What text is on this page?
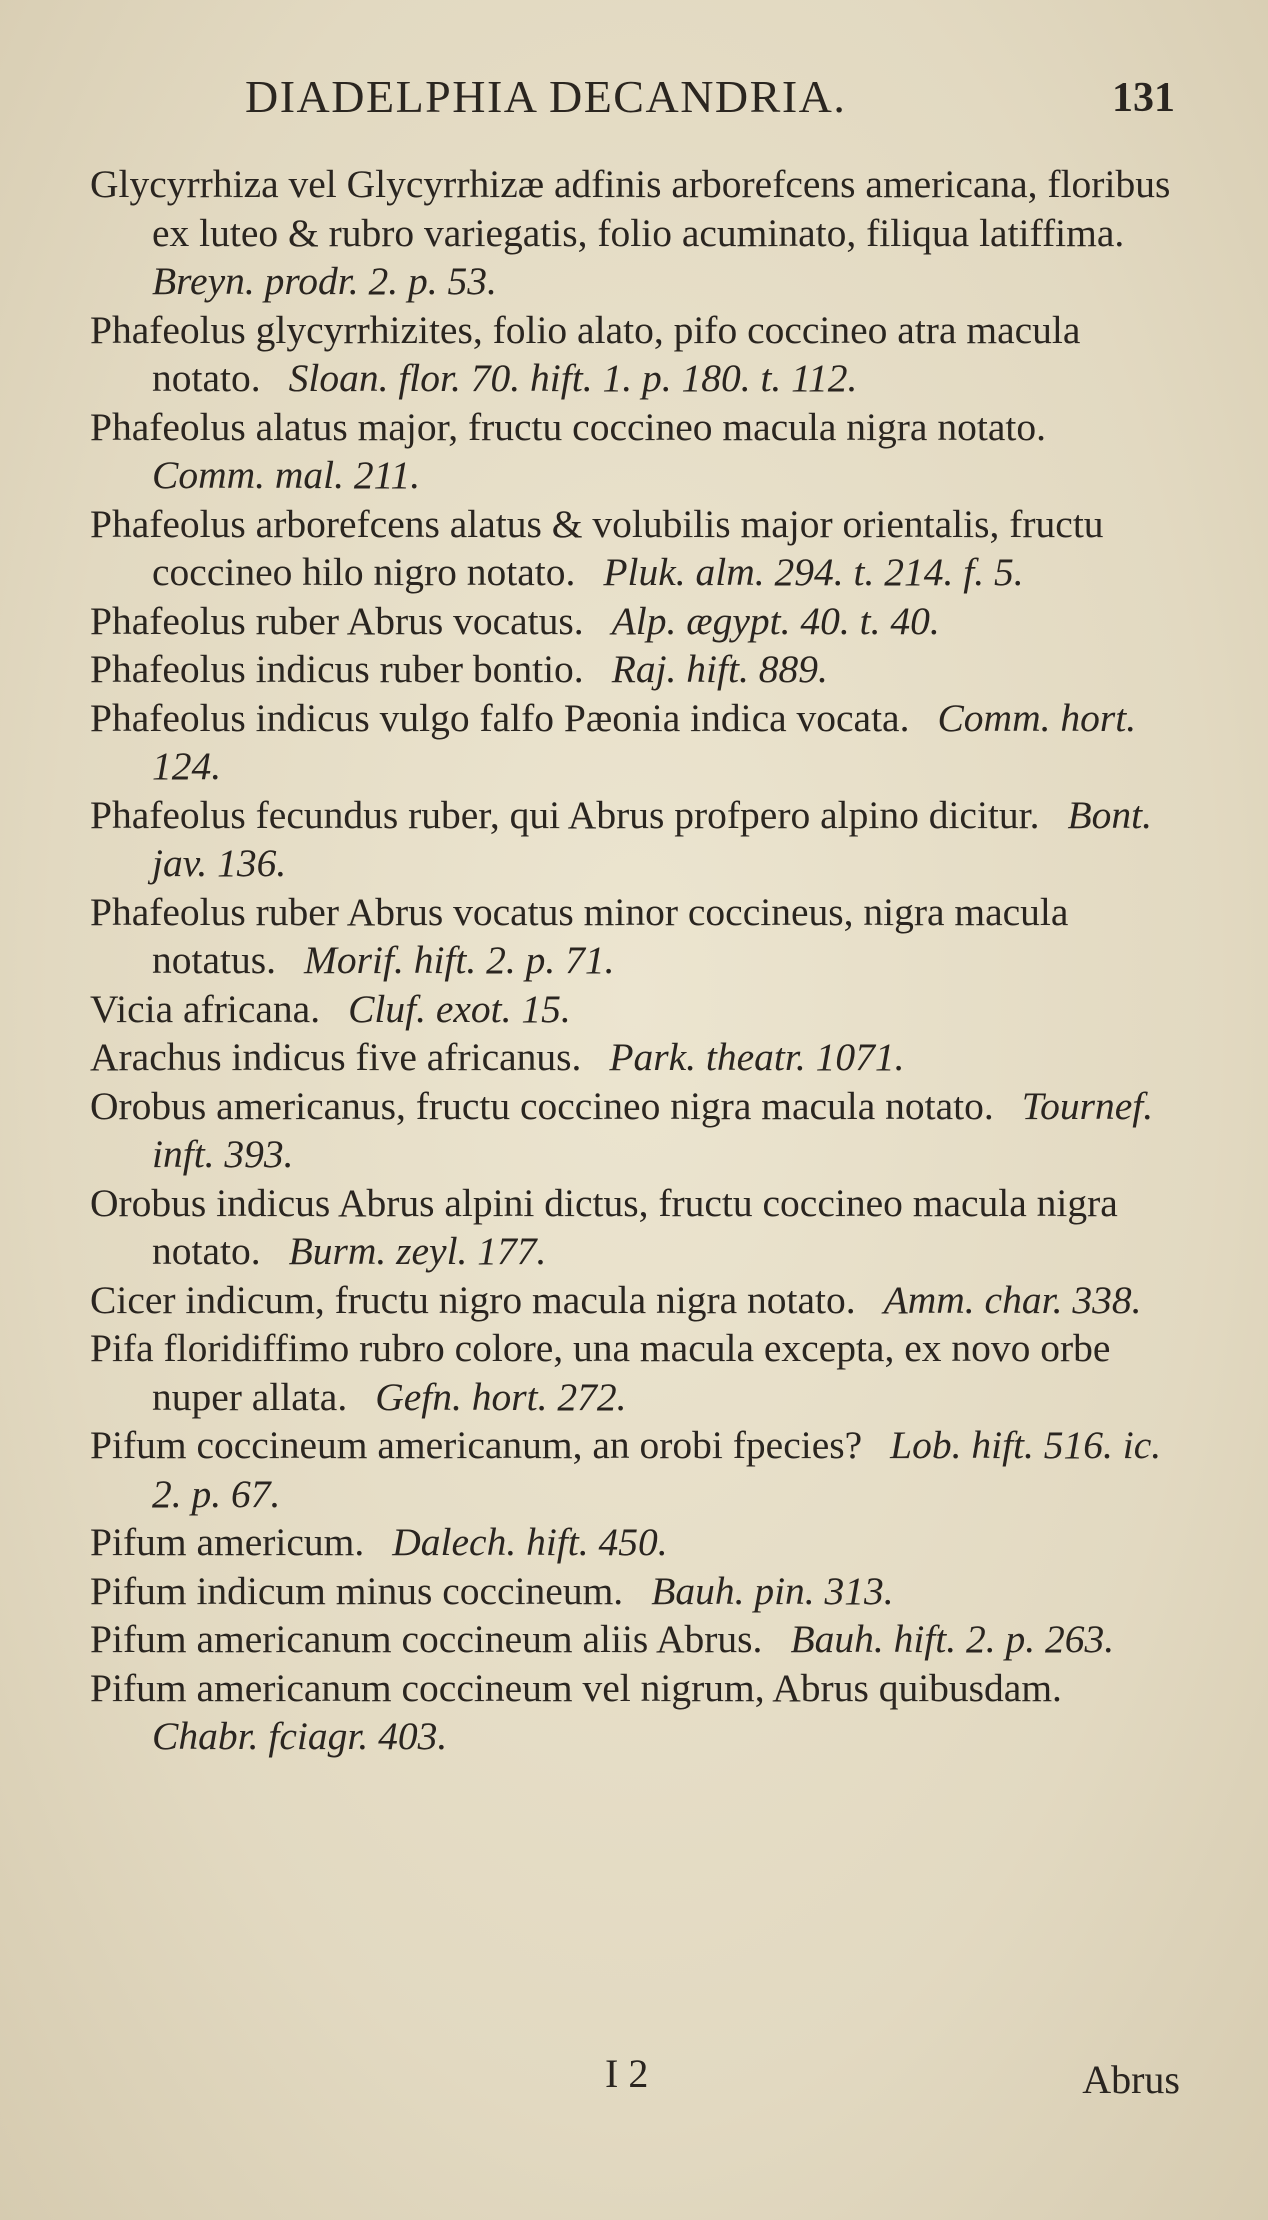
DIADELPHIA DECANDRIA.	131
Glycyrrhiza vel Glycyrrhizæ adfinis arborefcens americana, floribus ex luteo & rubro variegatis, folio acuminato, filiqua latiffima.Breyn. prodr. 2. p. 53.
Phafeolus glycyrrhizites, folio alato, pifo coccineo atra macula notato. Sloan. flor. 70. hift. 1. p. 180. t. 112.
Phafeolus alatus major, fructu coccineo macula nigra notato.Comm. mal. 211.
Phafeolus arborefcens alatus & volubilis major orientalis, fructu coccineo hilo nigro notato. Pluk. alm. 294. t. 214. f. 5.
Phafeolus ruber Abrus vocatus. Alp. ægypt. 40. t. 40.
Phafeolus indicus ruber bontio. Raj. hift. 889.
Phafeolus indicus vulgo falfo Pæonia indica vocata. Comm. hort. 124.
Phafeolus fecundus ruber, qui Abrus profpero alpino dicitur. Bont. jav. 136.
Phafeolus ruber Abrus vocatus minor coccineus, nigra macula notatus. Morif. hift. 2. p. 71.
Vicia africana. Cluf. exot. 15.
Arachus indicus five africanus. Park. theatr. 1071.
Orobus americanus, fructu coccineo nigra macula notato. Tournef. inft. 393.
Orobus indicus Abrus alpini dictus, fructu coccineo macula nigra notato. Burm. zeyl. 177.
Cicer indicum, fructu nigro macula nigra notato. Amm. char. 338.
Pifa floridiffimo rubro colore, una macula excepta, ex novo orbe nuper allata. Gefn. hort. 272.
Pifum coccineum americanum, an orobi fpecies? Lob. hift. 516. ic. 2. p. 67.
Pifum americum. Dalech. hift. 450.
Pifum indicum minus coccineum. Bauh. pin. 313.
Pifum americanum coccineum aliis Abrus. Bauh. hift. 2. p. 263.
Pifum americanum coccineum vel nigrum, Abrus quibusdam.Chabr. fciagr. 403.
I 2	Abrus
